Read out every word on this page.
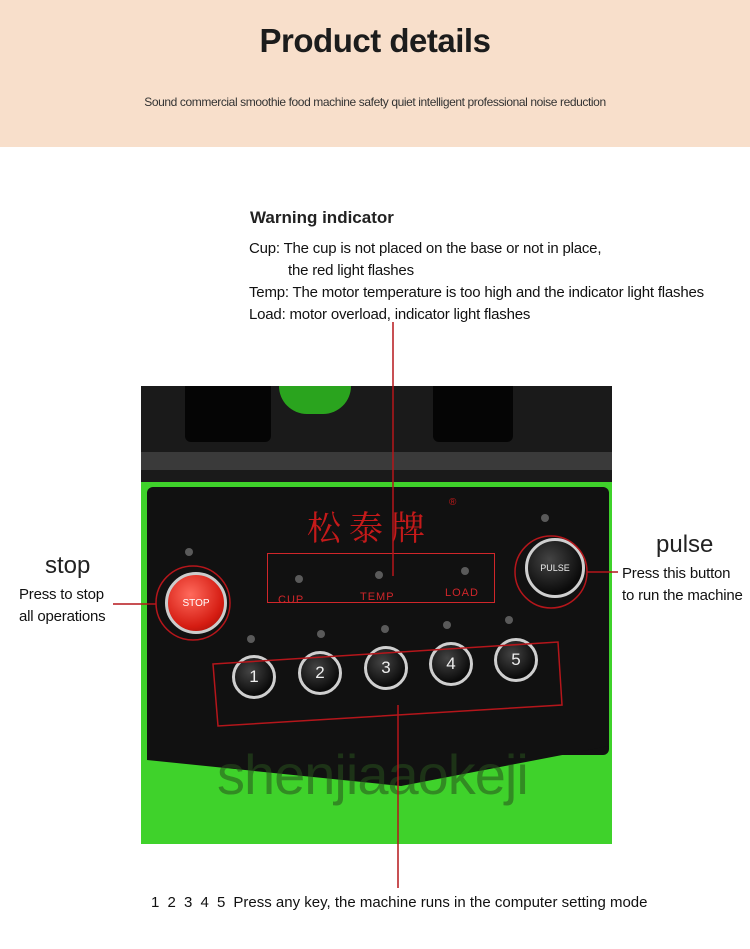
Product details
Sound commercial smoothie food machine safety quiet intelligent professional noise reduction
Warning indicator
Cup: The cup is not placed on the base or not in place,
the red light flashes
Temp: The motor temperature is too high and the indicator light flashes
Load: motor overload, indicator light flashes
松泰牌
®
CUP	TEMP	LOAD
STOP
PULSE
1	2	3	4	5
shenjiaaokeji
stop
Press to stop
all operations
pulse
Press this button
to run the machine
1 2 3 4 5 Press any key, the machine runs in the computer setting mode
